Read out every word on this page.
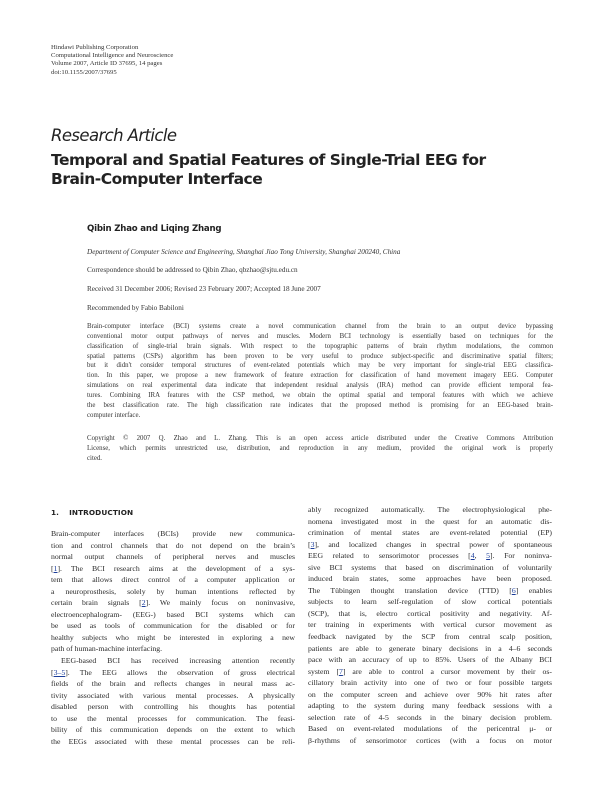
Hindawi Publishing Corporation
Computational Intelligence and Neuroscience
Volume 2007, Article ID 37695, 14 pages
doi:10.1155/2007/37695
Research Article
Temporal and Spatial Features of Single-Trial EEG for
Brain-Computer Interface
Qibin Zhao and Liqing Zhang
Department of Computer Science and Engineering, Shanghai Jiao Tong University, Shanghai 200240, China
Correspondence should be addressed to Qibin Zhao, qbzhao@sjtu.edu.cn
Received 31 December 2006; Revised 23 February 2007; Accepted 18 June 2007
Recommended by Fabio Babiloni
Brain-computer interface (BCI) systems create a novel communication channel from the brain to an output device bypassing
conventional motor output pathways of nerves and muscles. Modern BCI technology is essentially based on techniques for the
classification of single-trial brain signals. With respect to the topographic patterns of brain rhythm modulations, the common
spatial patterns (CSPs) algorithm has been proven to be very useful to produce subject-specific and discriminative spatial filters;
but it didn't consider temporal structures of event-related potentials which may be very important for single-trial EEG classifica-
tion. In this paper, we propose a new framework of feature extraction for classification of hand movement imagery EEG. Computer
simulations on real experimental data indicate that independent residual analysis (IRA) method can provide efficient temporal fea-
tures. Combining IRA features with the CSP method, we obtain the optimal spatial and temporal features with which we achieve
the best classification rate. The high classification rate indicates that the proposed method is promising for an EEG-based brain-
computer interface.
Copyright © 2007 Q. Zhao and L. Zhang. This is an open access article distributed under the Creative Commons Attribution
License, which permits unrestricted use, distribution, and reproduction in any medium, provided the original work is properly
cited.
1. INTRODUCTION
Brain-computer interfaces (BCIs) provide new communica-
tion and control channels that do not depend on the brain’s
normal output channels of peripheral nerves and muscles
[1]. The BCI research aims at the development of a sys-
tem that allows direct control of a computer application or
a neuroprosthesis, solely by human intentions reflected by
certain brain signals [2]. We mainly focus on noninvasive,
electroencephalogram- (EEG-) based BCI systems which can
be used as tools of communication for the disabled or for
healthy subjects who might be interested in exploring a new
path of human-machine interfacing.
EEG-based BCI has received increasing attention recently
[3–5]. The EEG allows the observation of gross electrical
fields of the brain and reflects changes in neural mass ac-
tivity associated with various mental processes. A physically
disabled person with controlling his thoughts has potential
to use the mental processes for communication. The feasi-
bility of this communication depends on the extent to which
the EEGs associated with these mental processes can be reli-
ably recognized automatically. The electrophysiological phe-
nomena investigated most in the quest for an automatic dis-
crimination of mental states are event-related potential (EP)
[3], and localized changes in spectral power of spontaneous
EEG related to sensorimotor processes [4, 5]. For noninva-
sive BCI systems that based on discrimination of voluntarily
induced brain states, some approaches have been proposed.
The Tübingen thought translation device (TTD) [6] enables
subjects to learn self-regulation of slow cortical potentials
(SCP), that is, electro cortical positivity and negativity. Af-
ter training in experiments with vertical cursor movement as
feedback navigated by the SCP from central scalp position,
patients are able to generate binary decisions in a 4–6 seconds
pace with an accuracy of up to 85%. Users of the Albany BCI
system [7] are able to control a cursor movement by their os-
cillatory brain activity into one of two or four possible targets
on the computer screen and achieve over 90% hit rates after
adapting to the system during many feedback sessions with a
selection rate of 4-5 seconds in the binary decision problem.
Based on event-related modulations of the pericentral μ- or
β-rhythms of sensorimotor cortices (with a focus on motor
